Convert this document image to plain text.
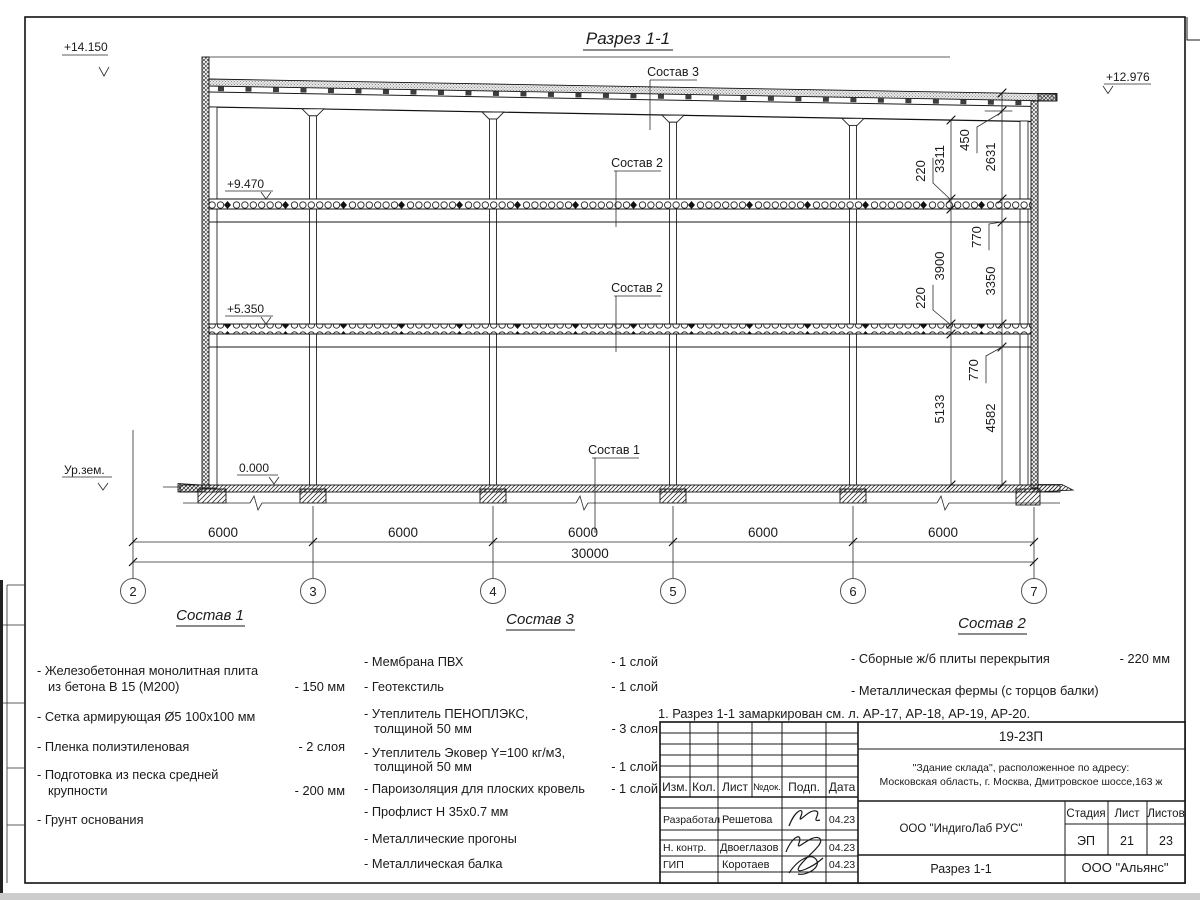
Разрез 1-1
+14.150
+12.976
+9.470
+5.350
0.000
Ур.зем.
Состав 3
Состав 2
Состав 2
Состав 1
3311
220
3900
220
5133
450
2631
770
3350
770
4582
6000	6000	6000	6000	6000
30000
2	3	4	5	6	7
Состав 1
- Железобетонная монолитная плита
из бетона В 15 (М200)	- 150 мм
- Сетка армирующая Ø5 100х100 мм
- Пленка полиэтиленовая	- 2 слоя
- Подготовка из песка средней
крупности	- 200 мм
- Грунт основания
Состав 3
- Мембрана ПВХ	- 1 слой
- Геотекстиль	- 1 слой
- Утеплитель ПЕНОПЛЭКС,
толщиной 50 мм	- 3 слоя
- Утеплитель Эковер Y=100 кг/м3,
толщиной 50 мм	- 1 слой
- Пароизоляция для плоских кровель - 1 слой
- Профлист Н 35х0.7 мм
- Металлические прогоны
- Металлическая балка
Состав 2
- Сборные ж/б плиты перекрытия	- 220 мм
- Металлическая фермы (с торцов балки)
1. Разрез 1-1 замаркирован см. л. АР-17, АР-18, АР-19, АР-20.
Изм. Кол. Лист №док. Подп. Дата
Разработал Решетова	04.23
Н. контр. Двоеглазов	04.23
ГИП	Коротаев	04.23
19-23П
"Здание склада", расположенное по адресу:
Московская область, г. Москва, Дмитровское шоссе,163 ж
ООО "ИндигоЛаб РУС"
Стадия Лист Листов
ЭП 21 23
Разрез 1-1	ООО "Альянс"
